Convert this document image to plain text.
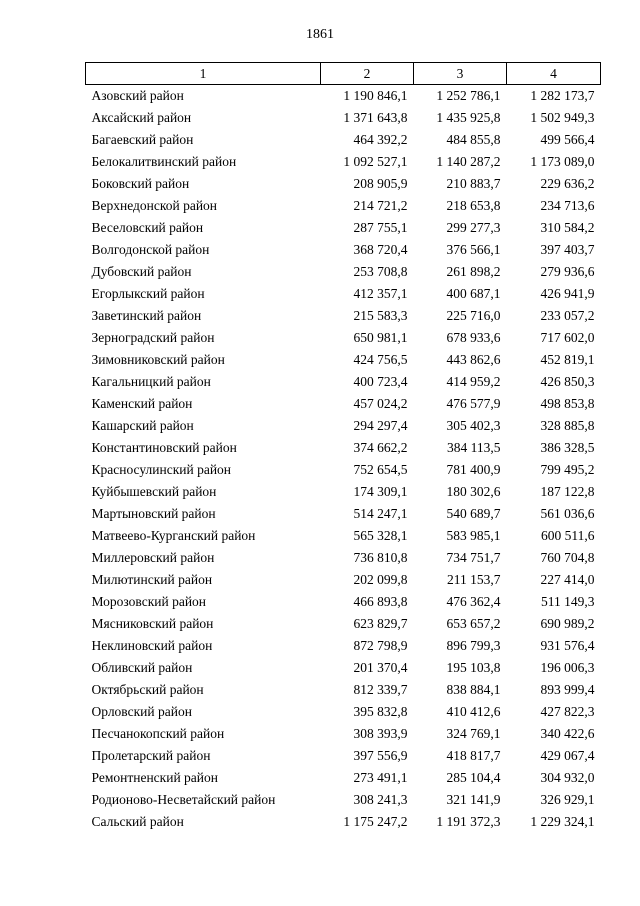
1861
1	2	3	4
Азовский район	1 190 846,1	1 252 786,1	1 282 173,7
Аксайский район	1 371 643,8	1 435 925,8	1 502 949,3
Багаевский район	464 392,2	484 855,8	499 566,4
Белокалитвинский район	1 092 527,1	1 140 287,2	1 173 089,0
Боковский район	208 905,9	210 883,7	229 636,2
Верхнедонской район	214 721,2	218 653,8	234 713,6
Веселовский район	287 755,1	299 277,3	310 584,2
Волгодонской район	368 720,4	376 566,1	397 403,7
Дубовский район	253 708,8	261 898,2	279 936,6
Егорлыкский район	412 357,1	400 687,1	426 941,9
Заветинский район	215 583,3	225 716,0	233 057,2
Зерноградский район	650 981,1	678 933,6	717 602,0
Зимовниковский район	424 756,5	443 862,6	452 819,1
Кагальницкий район	400 723,4	414 959,2	426 850,3
Каменский район	457 024,2	476 577,9	498 853,8
Кашарский район	294 297,4	305 402,3	328 885,8
Константиновский район	374 662,2	384 113,5	386 328,5
Красносулинский район	752 654,5	781 400,9	799 495,2
Куйбышевский район	174 309,1	180 302,6	187 122,8
Мартыновский район	514 247,1	540 689,7	561 036,6
Матвеево-Курганский район	565 328,1	583 985,1	600 511,6
Миллеровский район	736 810,8	734 751,7	760 704,8
Милютинский район	202 099,8	211 153,7	227 414,0
Морозовский район	466 893,8	476 362,4	511 149,3
Мясниковский район	623 829,7	653 657,2	690 989,2
Неклиновский район	872 798,9	896 799,3	931 576,4
Обливский район	201 370,4	195 103,8	196 006,3
Октябрьский район	812 339,7	838 884,1	893 999,4
Орловский район	395 832,8	410 412,6	427 822,3
Песчанокопский район	308 393,9	324 769,1	340 422,6
Пролетарский район	397 556,9	418 817,7	429 067,4
Ремонтненский район	273 491,1	285 104,4	304 932,0
Родионово-Несветайский район	308 241,3	321 141,9	326 929,1
Сальский район	1 175 247,2	1 191 372,3	1 229 324,1
